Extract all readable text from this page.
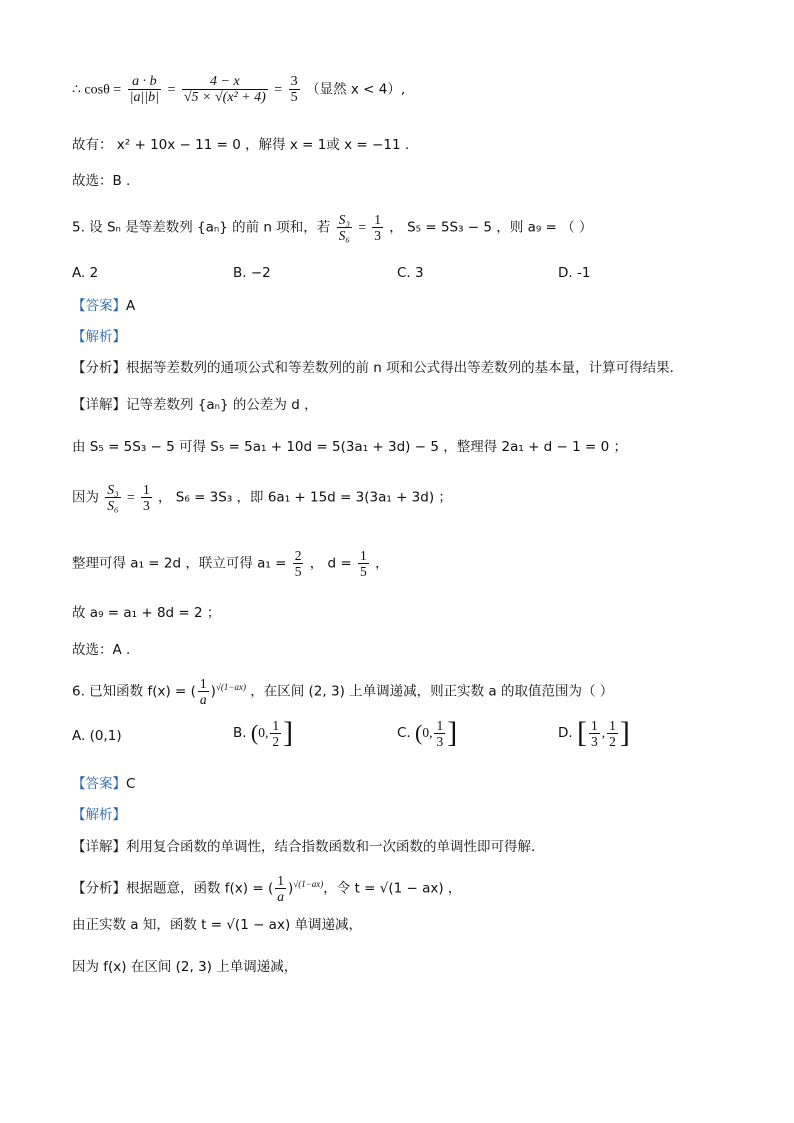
∴ $\cos\theta = \frac{a \cdot b}{|a||b|} = \frac{4 - x}{\text{√5 × √(x² + 4)}} = \frac{3}{5}$ （显然 x < 4）,
故有： x² + 10x − 11 = 0 ，解得 x = 1或 x = −11 .
故选：B .
5. 设 Sₙ 是等差数列 {aₙ} 的前 n 项和，若 $\frac{\text{S₃}}{\text{S₆}} = \frac{1}{3}$ ， S₅ = 5S₃ − 5 ，则 a₉ = （ ）
A. 2	B. −2	C. 3	D. -1
【答案】A
【解析】
【分析】根据等差数列的通项公式和等差数列的前 n 项和公式得出等差数列的基本量，计算可得结果．
【详解】记等差数列 {aₙ} 的公差为 d ，
由 S₅ = 5S₃ − 5 可得 S₅ = 5a₁ + 10d = 5(3a₁ + 3d) − 5 ，整理得 2a₁ + d − 1 = 0 ；
因为 $\frac{\text{S₃}}{\text{S₆}} = \frac{1}{3}$ ， S₆ = 3S₃ ，即 6a₁ + 15d = 3(3a₁ + 3d) ；
整理可得 a₁ = 2d ，联立可得 $a_1 = \frac{2}{5}$ ， $d = \frac{1}{5}$ ，
故 a₉ = a₁ + 8d = 2 ；
故选：A .
6. 已知函数 f(x) = ( $\frac{1}{a} )^{√(1-ax)}$ ，在区间 (2, 3) 上单调递减，则正实数 a 的取值范围为（ ）
A. (0,1)	B. (0, $\frac{1}{2}$ ]	C. (0, $\frac{1}{3}$ ]	D. [ $\frac{1}{3}$ , $\frac{1}{2}$ ]
【答案】C
【解析】
【详解】利用复合函数的单调性，结合指数函数和一次函数的单调性即可得解．
【分析】根据题意，函数 f(x) = ( $\frac{1}{a} )^{√(1-ax)}$，令 t = √(1 − ax) ，
由正实数 a 知，函数 t = √(1 − ax) 单调递减，
因为 f(x) 在区间 (2, 3) 上单调递减，
